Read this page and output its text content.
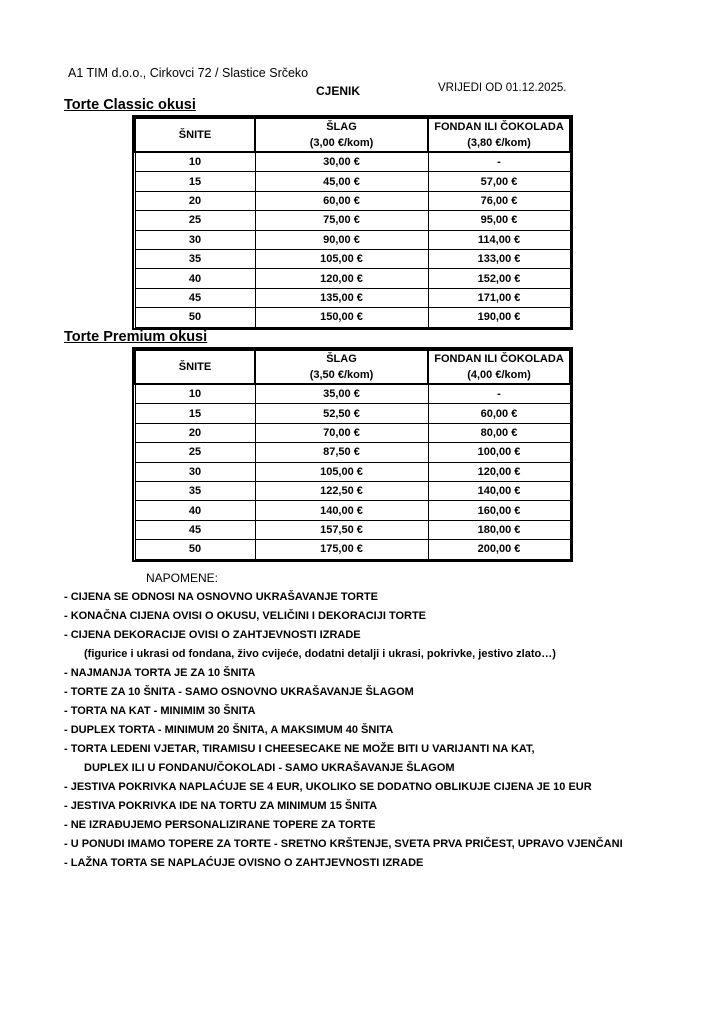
A1 TIM d.o.o., Cirkovci 72 / Slastice Srčeko
CJENIK	VRIJEDI OD 01.12.2025.
Torte Classic okusi
ŠNITE	ŠLAG	FONDAN ILI ČOKOLADA
	(3,00 €/kom)	(3,80 €/kom)
10	30,00 €	-
15	45,00 €	57,00 €
20	60,00 €	76,00 €
25	75,00 €	95,00 €
30	90,00 €	114,00 €
35	105,00 €	133,00 €
40	120,00 €	152,00 €
45	135,00 €	171,00 €
50	150,00 €	190,00 €
Torte Premium okusi
ŠNITE	ŠLAG	FONDAN ILI ČOKOLADA
	(3,50 €/kom)	(4,00 €/kom)
10	35,00 €	-
15	52,50 €	60,00 €
20	70,00 €	80,00 €
25	87,50 €	100,00 €
30	105,00 €	120,00 €
35	122,50 €	140,00 €
40	140,00 €	160,00 €
45	157,50 €	180,00 €
50	175,00 €	200,00 €
NAPOMENE:
- CIJENA SE ODNOSI NA OSNOVNO UKRAŠAVANJE TORTE
- KONAČNA CIJENA OVISI O OKUSU, VELIČINI I DEKORACIJI TORTE
- CIJENA DEKORACIJE OVISI O ZAHTJEVNOSTI IZRADE
(figurice i ukrasi od fondana, živo cvijeće, dodatni detalji i ukrasi, pokrivke, jestivo zlato…)
- NAJMANJA TORTA JE ZA 10 ŠNITA
- TORTE ZA 10 ŠNITA - SAMO OSNOVNO UKRAŠAVANJE ŠLAGOM
- TORTA NA KAT - MINIMIM 30 ŠNITA
- DUPLEX TORTA - MINIMUM 20 ŠNITA, A MAKSIMUM 40 ŠNITA
- TORTA LEDENI VJETAR, TIRAMISU I CHEESECAKE NE MOŽE BITI U VARIJANTI NA KAT,
DUPLEX ILI U FONDANU/ČOKOLADI - SAMO UKRAŠAVANJE ŠLAGOM
- JESTIVA POKRIVKA NAPLAĆUJE SE 4 EUR, UKOLIKO SE DODATNO OBLIKUJE CIJENA JE 10 EUR
- JESTIVA POKRIVKA IDE NA TORTU ZA MINIMUM 15 ŠNITA
- NE IZRAĐUJEMO PERSONALIZIRANE TOPERE ZA TORTE
- U PONUDI IMAMO TOPERE ZA TORTE - SRETNO KRŠTENJE, SVETA PRVA PRIČEST, UPRAVO VJENČANI
- LAŽNA TORTA SE NAPLAĆUJE OVISNO O ZAHTJEVNOSTI IZRADE
